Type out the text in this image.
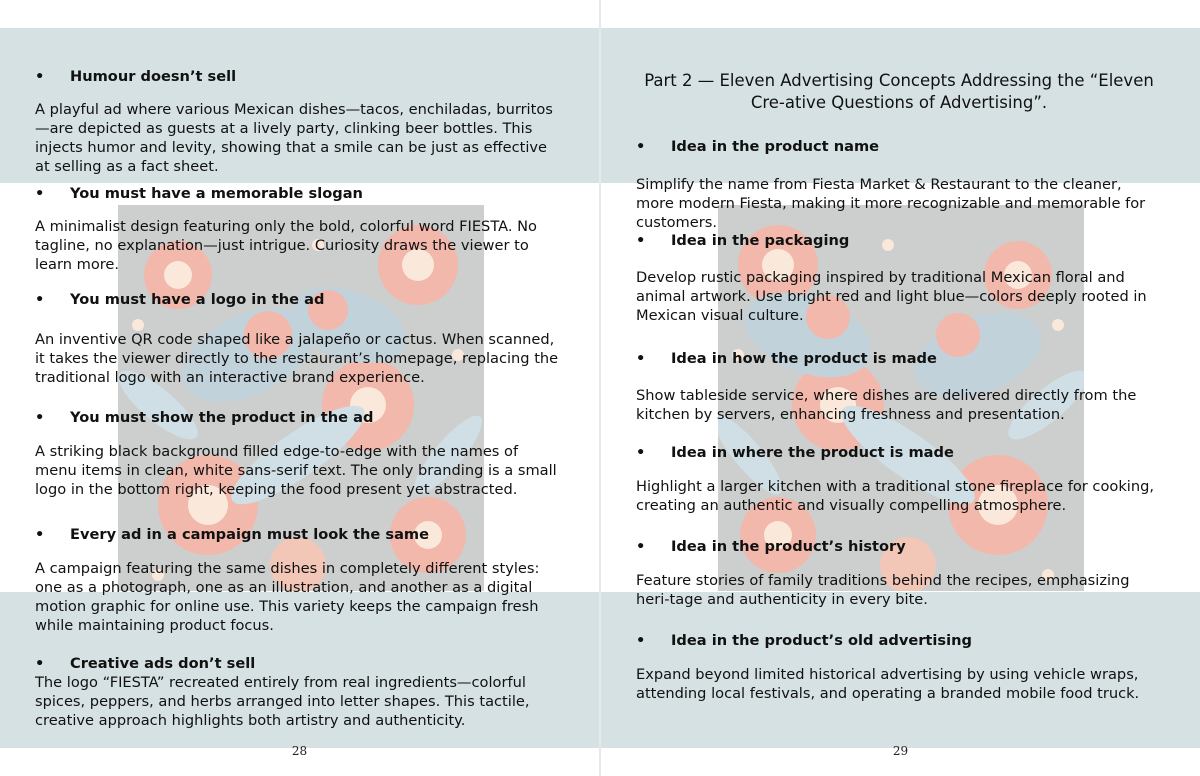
• Humour doesn’t sell
A playful ad where various Mexican dishes—tacos, enchiladas, burritos—are depicted as guests at a lively party, clinking beer bottles. This injects humor and levity, showing that a smile can be just as effective at selling as a fact sheet.
• You must have a memorable slogan
A minimalist design featuring only the bold, colorful word FIESTA. No tagline, no explanation—just intrigue. Curiosity draws the viewer to learn more.
• You must have a logo in the ad
An inventive QR code shaped like a jalapeño or cactus. When scanned, it takes the viewer directly to the restaurant’s homepage, replacing the traditional logo with an interactive brand experience.
• You must show the product in the ad
A striking black background filled edge-to-edge with the names of menu items in clean, white sans-serif text. The only branding is a small logo in the bottom right, keeping the food present yet abstracted.
• Every ad in a campaign must look the same
A campaign featuring the same dishes in completely different styles: one as a photograph, one as an illustration, and another as a digital motion graphic for online use. This variety keeps the campaign fresh while maintaining product focus.
• Creative ads don’t sell
The logo “FIESTA” recreated entirely from real ingredients—colorful spices, peppers, and herbs arranged into letter shapes. This tactile, creative approach highlights both artistry and authenticity.
28
Part 2 — Eleven Advertising Concepts Addressing the “Eleven Cre-ative Questions of Advertising”.
• Idea in the product name
Simplify the name from Fiesta Market & Restaurant to the cleaner, more modern Fiesta, making it more recognizable and memorable for customers.
• Idea in the packaging
Develop rustic packaging inspired by traditional Mexican floral and animal artwork. Use bright red and light blue—colors deeply rooted in Mexican visual culture.
• Idea in how the product is made
Show tableside service, where dishes are delivered directly from the kitchen by servers, enhancing freshness and presentation.
• Idea in where the product is made
Highlight a larger kitchen with a traditional stone fireplace for cooking, creating an authentic and visually compelling atmosphere.
• Idea in the product’s history
Feature stories of family traditions behind the recipes, emphasizing heri-tage and authenticity in every bite.
• Idea in the product’s old advertising
Expand beyond limited historical advertising by using vehicle wraps, attending local festivals, and operating a branded mobile food truck.
29
